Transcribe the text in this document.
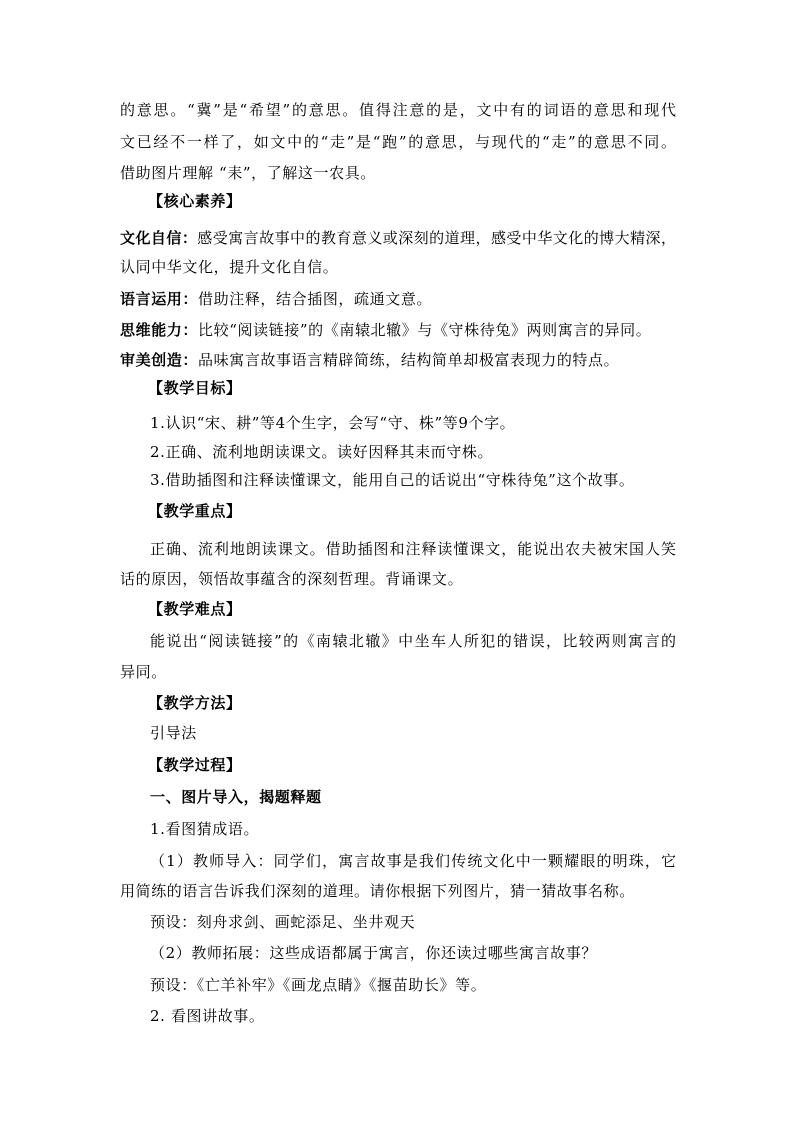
的意思。“冀”是“希望”的意思。值得注意的是，文中有的词语的意思和现代
文已经不一样了，如文中的“走”是“跑”的意思，与现代的“走”的意思不同。
借助图片理解 “耒”，了解这一农具。
【核心素养】
文化自信：感受寓言故事中的教育意义或深刻的道理，感受中华文化的博大精深，
认同中华文化，提升文化自信。
语言运用：借助注释，结合插图，疏通文意。
思维能力：比较“阅读链接”的《南辕北辙》与《守株待兔》两则寓言的异同。
审美创造：品味寓言故事语言精辟简练，结构简单却极富表现力的特点。
【教学目标】
1.认识“宋、耕”等4个生字，会写“守、株”等9个字。
2.正确、流利地朗读课文。读好因释其耒而守株。
3.借助插图和注释读懂课文，能用自己的话说出“守株待兔”这个故事。
【教学重点】
正确、流利地朗读课文。借助插图和注释读懂课文，能说出农夫被宋国人笑
话的原因，领悟故事蕴含的深刻哲理。背诵课文。
【教学难点】
能说出“阅读链接”的《南辕北辙》中坐车人所犯的错误，比较两则寓言的
异同。
【教学方法】
引导法
【教学过程】
一、图片导入，揭题释题
1.看图猜成语。
（1）教师导入：同学们，寓言故事是我们传统文化中一颗耀眼的明珠，它
用简练的语言告诉我们深刻的道理。请你根据下列图片，猜一猜故事名称。
预设：刻舟求剑、画蛇添足、坐井观天
（2）教师拓展：这些成语都属于寓言，你还读过哪些寓言故事？
预设：《亡羊补牢》《画龙点睛》《揠苗助长》等。
2. 看图讲故事。
